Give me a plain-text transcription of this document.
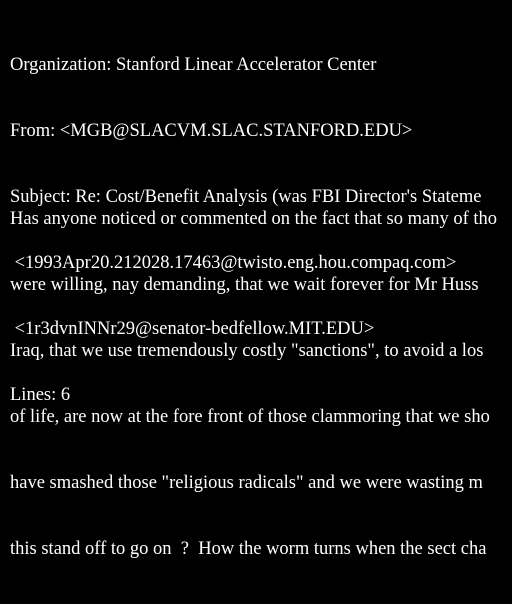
Organization: Stanford Linear Accelerator Center

From: <MGB@SLACVM.SLAC.STANFORD.EDU>

Subject: Re: Cost/Benefit Analysis (was FBI Director's Stateme

<1993Apr20.212028.17463@twisto.eng.hou.compaq.com>

<1r3dvnINNr29@senator-bedfellow.MIT.EDU>

Lines: 6

Has anyone noticed or commented on the fact that so many of tho

were willing, nay demanding, that we wait forever for Mr Huss

Iraq, that we use tremendously costly "sanctions", to avoid a los

of life, are now at the fore front of those clammoring that we sho

have smashed those "religious radicals" and we were wasting m

this stand off to go on  ?  How the worm turns when the sect cha
